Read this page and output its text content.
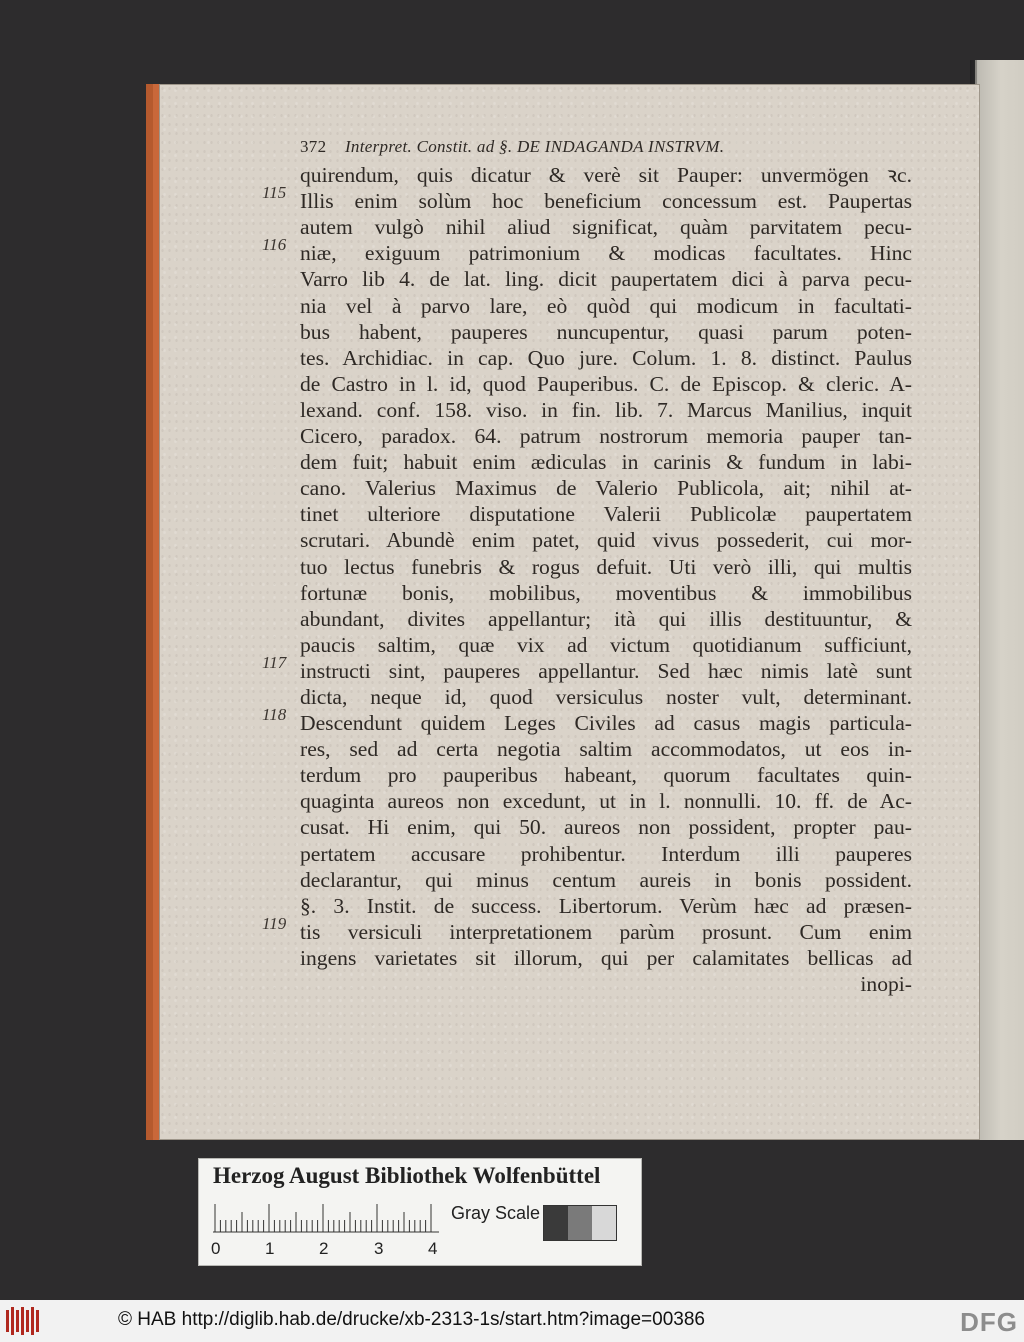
372 Interpret. Constit. ad §. DE INDAGANDA INSTRVM.
quirendum, quis dicatur & verè sit Pauper: unvermögen ꝛc.
Illis enim solùm hoc beneficium concessum est. Paupertas
autem vulgò nihil aliud significat, quàm parvitatem pecu-
niæ, exiguum patrimonium & modicas facultates. Hinc
Varro lib 4. de lat. ling. dicit paupertatem dici à parva pecu-
nia vel à parvo lare, eò quòd qui modicum in facultati-
bus habent, pauperes nuncupentur, quasi parum poten-
tes. Archidiac. in cap. Quo jure. Colum. 1. 8. distinct. Paulus
de Castro in l. id, quod Pauperibus. C. de Episcop. & cleric. A-
lexand. conf. 158. viso. in fin. lib. 7. Marcus Manilius, inquit
Cicero, paradox. 64. patrum nostrorum memoria pauper tan-
dem fuit; habuit enim ædiculas in carinis & fundum in labi-
cano. Valerius Maximus de Valerio Publicola, ait; nihil at-
tinet ulteriore disputatione Valerii Publicolæ paupertatem
scrutari. Abundè enim patet, quid vivus possederit, cui mor-
tuo lectus funebris & rogus defuit. Uti verò illi, qui multis
fortunæ bonis, mobilibus, moventibus & immobilibus
abundant, divites appellantur; ità qui illis destituuntur, &
paucis saltim, quæ vix ad victum quotidianum sufficiunt,
instructi sint, pauperes appellantur. Sed hæc nimis latè sunt
dicta, neque id, quod versiculus noster vult, determinant.
Descendunt quidem Leges Civiles ad casus magis particula-
res, sed ad certa negotia saltim accommodatos, ut eos in-
terdum pro pauperibus habeant, quorum facultates quin-
quaginta aureos non excedunt, ut in l. nonnulli. 10. ff. de Ac-
cusat. Hi enim, qui 50. aureos non possident, propter pau-
pertatem accusare prohibentur. Interdum illi pauperes
declarantur, qui minus centum aureis in bonis possident.
§. 3. Instit. de success. Libertorum. Verùm hæc ad præsen-
tis versiculi interpretationem parùm prosunt. Cum enim
ingens varietates sit illorum, qui per calamitates bellicas ad
inopi-
115
116
117
118
119
Herzog August Bibliothek Wolfenbüttel
0	1	2	3	4
Gray Scale
© HAB http://diglib.hab.de/drucke/xb-2313-1s/start.htm?image=00386	DFG
